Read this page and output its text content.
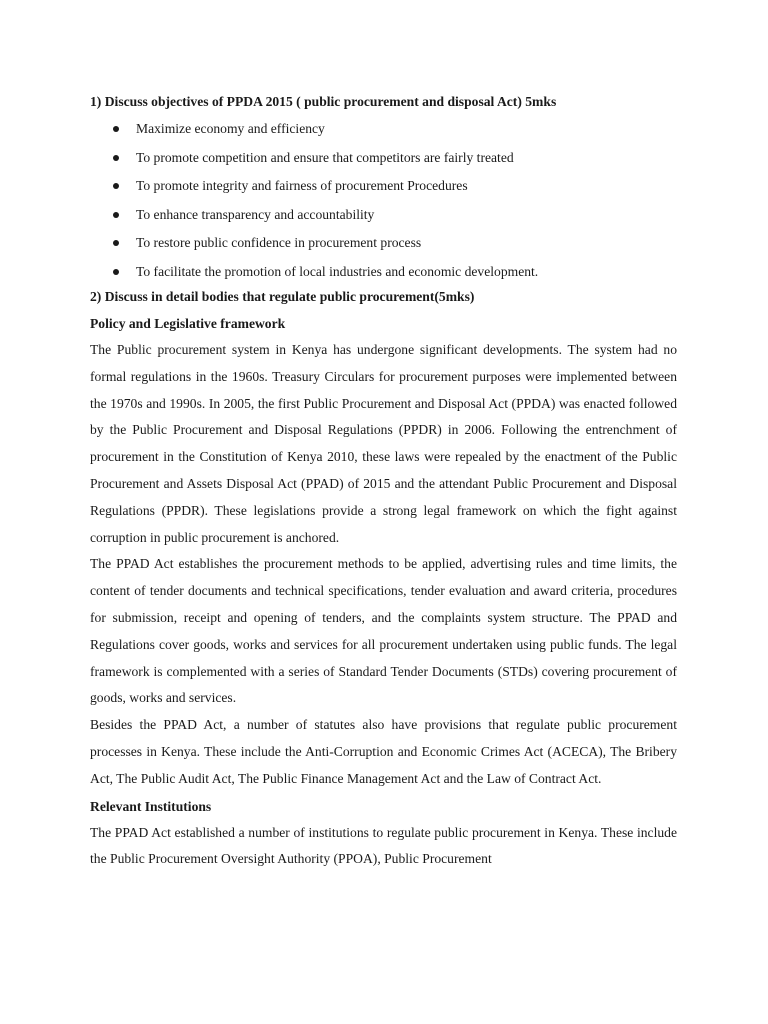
1) Discuss objectives of PPDA 2015 ( public procurement and disposal Act) 5mks
Maximize economy and efficiency
To promote competition and ensure that competitors are fairly treated
To promote integrity and fairness of procurement Procedures
To enhance transparency and accountability
To restore public confidence in procurement process
To facilitate the promotion of local industries and economic development.
2) Discuss in detail bodies that regulate public procurement(5mks)
Policy and Legislative framework

The Public procurement system in Kenya has undergone significant developments. The system had no formal regulations in the 1960s. Treasury Circulars for procurement purposes were implemented between the 1970s and 1990s. In 2005, the first Public Procurement and Disposal Act (PPDA) was enacted followed by the Public Procurement and Disposal Regulations (PPDR) in 2006. Following the entrenchment of procurement in the Constitution of Kenya 2010, these laws were repealed by the enactment of the Public Procurement and Assets Disposal Act (PPAD) of 2015 and the attendant Public Procurement and Disposal Regulations (PPDR). These legislations provide a strong legal framework on which the fight against corruption in public procurement is anchored.

The PPAD Act establishes the procurement methods to be applied, advertising rules and time limits, the content of tender documents and technical specifications, tender evaluation and award criteria, procedures for submission, receipt and opening of tenders, and the complaints system structure. The PPAD and Regulations cover goods, works and services for all procurement undertaken using public funds. The legal framework is complemented with a series of Standard Tender Documents (STDs) covering procurement of goods, works and services.

Besides the PPAD Act, a number of statutes also have provisions that regulate public procurement processes in Kenya. These include the Anti-Corruption and Economic Crimes Act (ACECA), The Bribery Act, The Public Audit Act, The Public Finance Management Act and the Law of Contract Act.

Relevant Institutions

The PPAD Act established a number of institutions to regulate public procurement in Kenya. These include the Public Procurement Oversight Authority (PPOA), Public Procurement
